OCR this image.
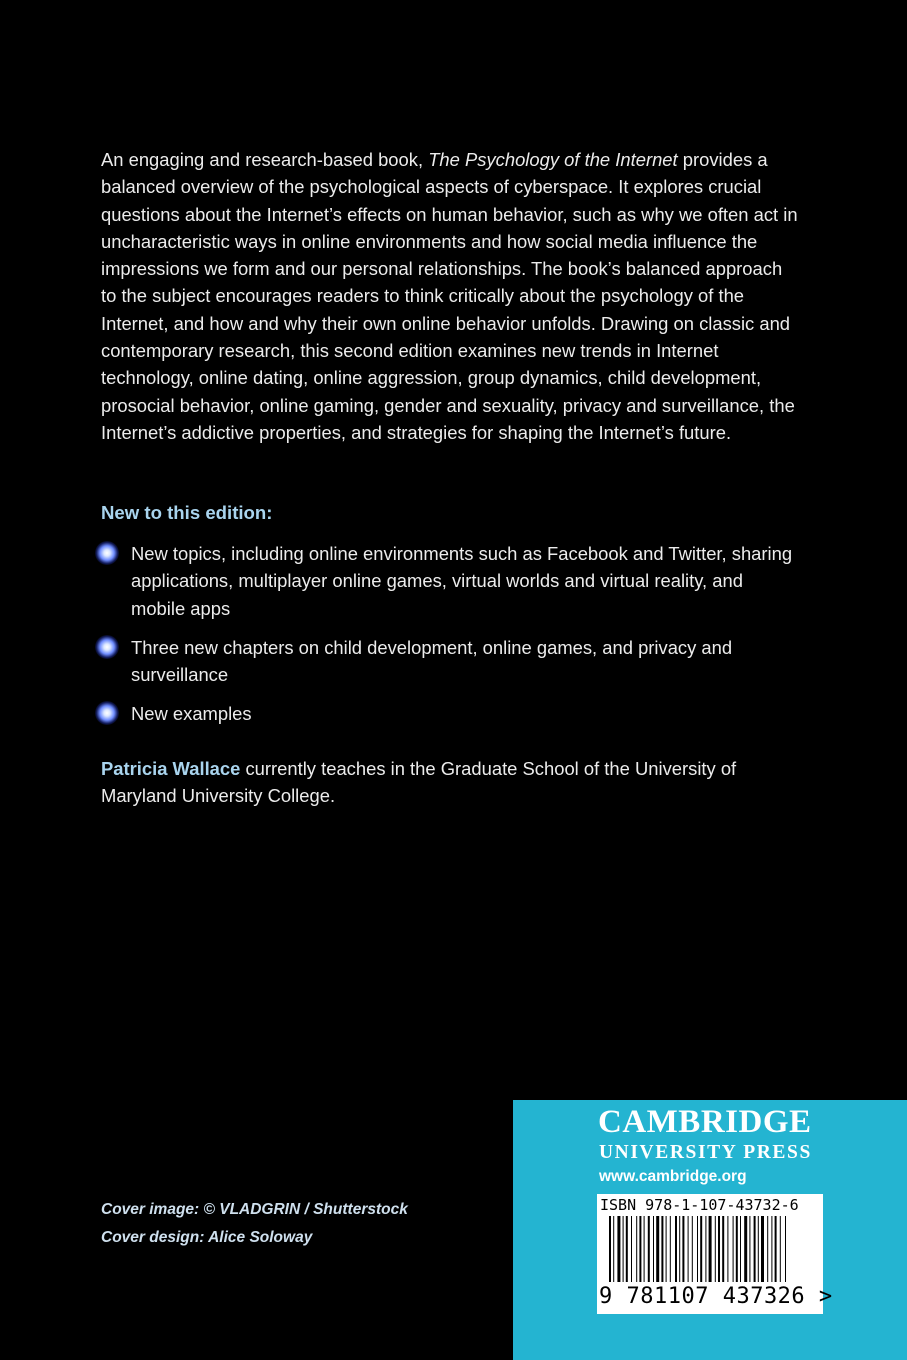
An engaging and research-based book, The Psychology of the Internet provides a balanced overview of the psychological aspects of cyberspace. It explores crucial questions about the Internet’s effects on human behavior, such as why we often act in uncharacteristic ways in online environments and how social media influence the impressions we form and our personal relationships. The book’s balanced approach to the subject encourages readers to think critically about the psychology of the Internet, and how and why their own online behavior unfolds. Drawing on classic and contemporary research, this second edition examines new trends in Internet technology, online dating, online aggression, group dynamics, child development, prosocial behavior, online gaming, gender and sexuality, privacy and surveillance, the Internet’s addictive properties, and strategies for shaping the Internet’s future.

New to this edition:
New topics, including online environments such as Facebook and Twitter, sharing applications, multiplayer online games, virtual worlds and virtual reality, and mobile apps
Three new chapters on child development, online games, and privacy and surveillance
New examples

Patricia Wallace currently teaches in the Graduate School of the University of Maryland University College.

Cover image: © VLADGRIN / Shutterstock
Cover design: Alice Soloway
CAMBRIDGE
UNIVERSITY PRESS
www.cambridge.org
ISBN 978-1-107-43732-6
9 781107 437326 >
